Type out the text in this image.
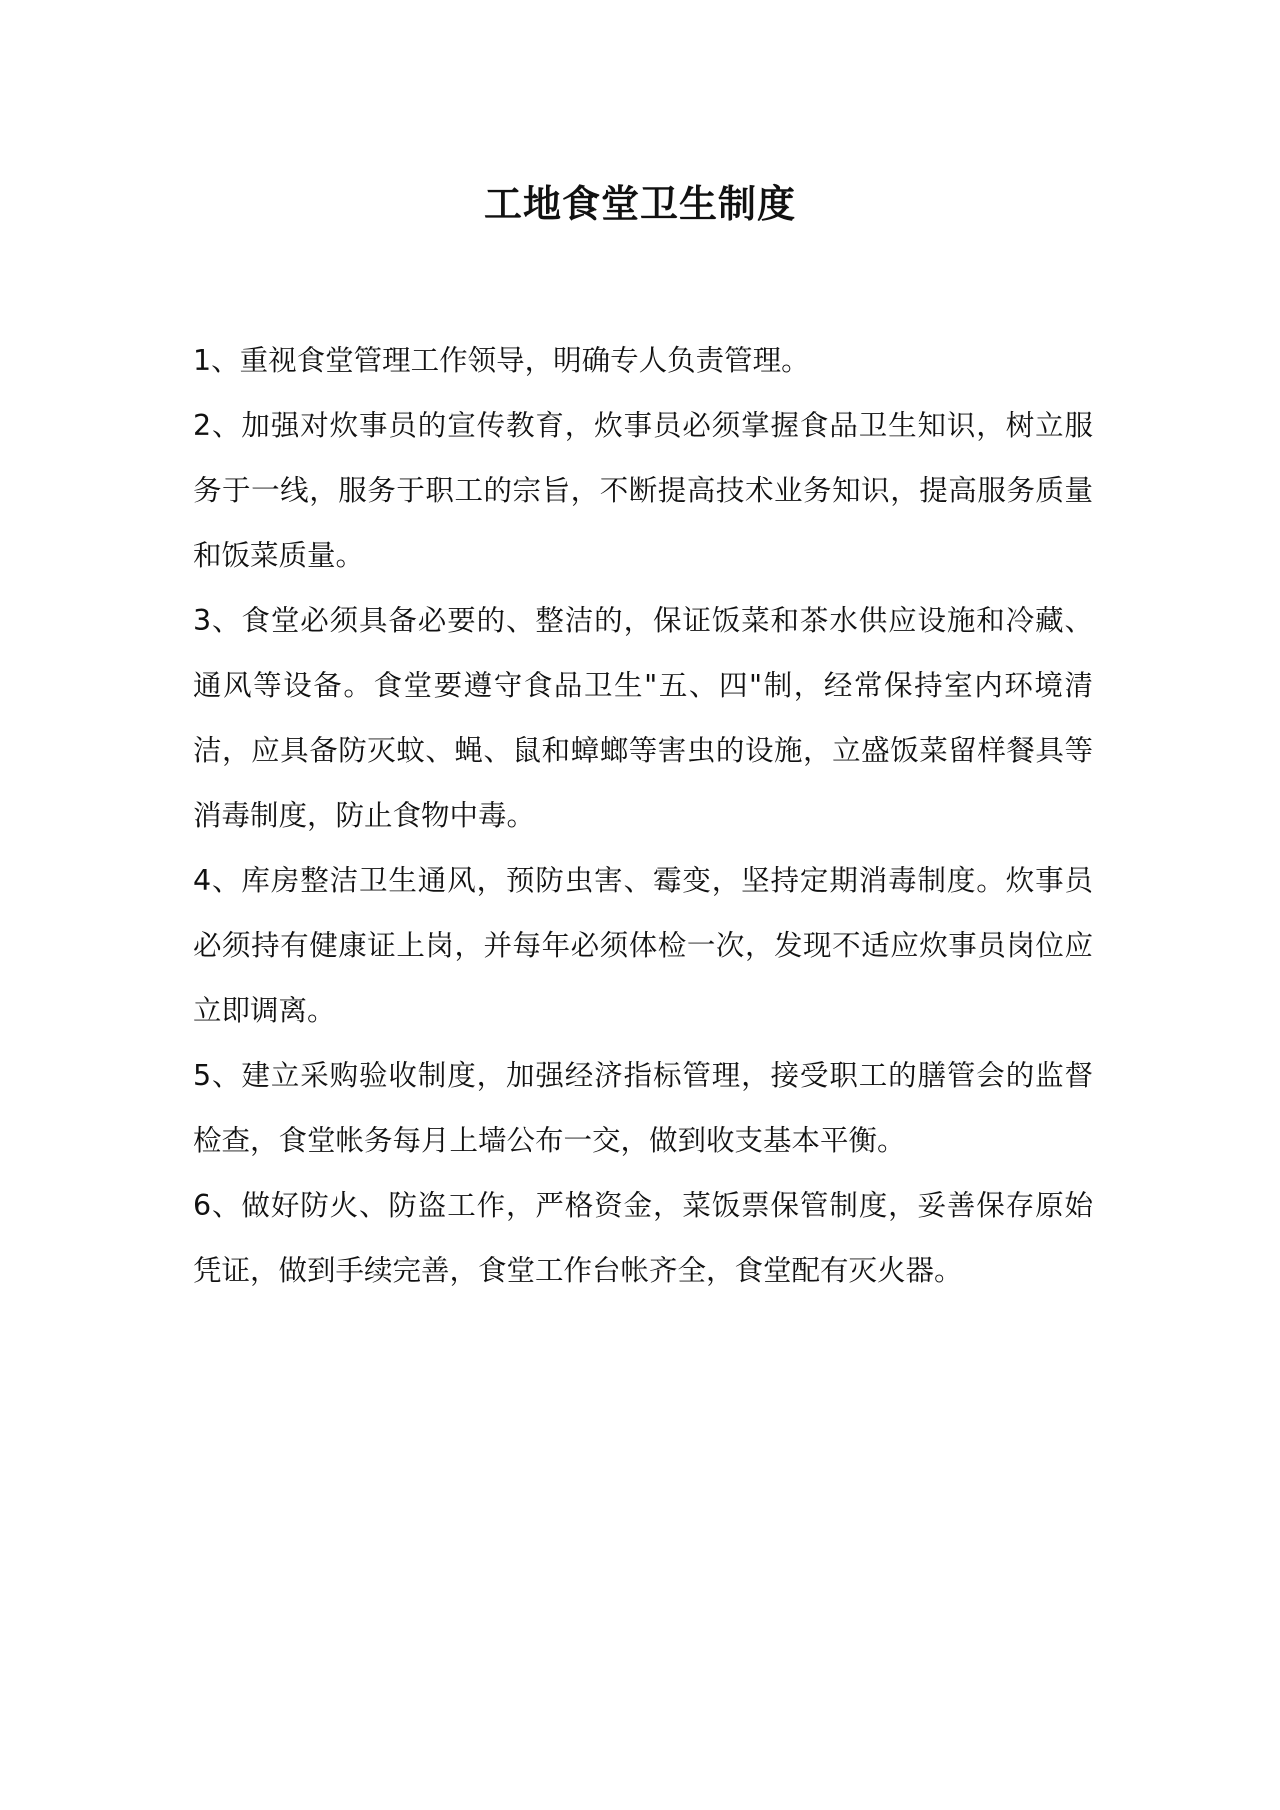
工地食堂卫生制度

1、重视食堂管理工作领导，明确专人负责管理。

2、加强对炊事员的宣传教育，炊事员必须掌握食品卫生知识，树立服务于一线，服务于职工的宗旨，不断提高技术业务知识，提高服务质量和饭菜质量。

3、食堂必须具备必要的、整洁的，保证饭菜和茶水供应设施和冷藏、通风等设备。食堂要遵守食品卫生"五、四"制，经常保持室内环境清洁，应具备防灭蚊、蝇、鼠和蟑螂等害虫的设施，立盛饭菜留样餐具等消毒制度，防止食物中毒。

4、库房整洁卫生通风，预防虫害、霉变，坚持定期消毒制度。炊事员必须持有健康证上岗，并每年必须体检一次，发现不适应炊事员岗位应立即调离。

5、建立采购验收制度，加强经济指标管理，接受职工的膳管会的监督检查，食堂帐务每月上墙公布一交，做到收支基本平衡。

6、做好防火、防盗工作，严格资金，菜饭票保管制度，妥善保存原始凭证，做到手续完善，食堂工作台帐齐全，食堂配有灭火器。
